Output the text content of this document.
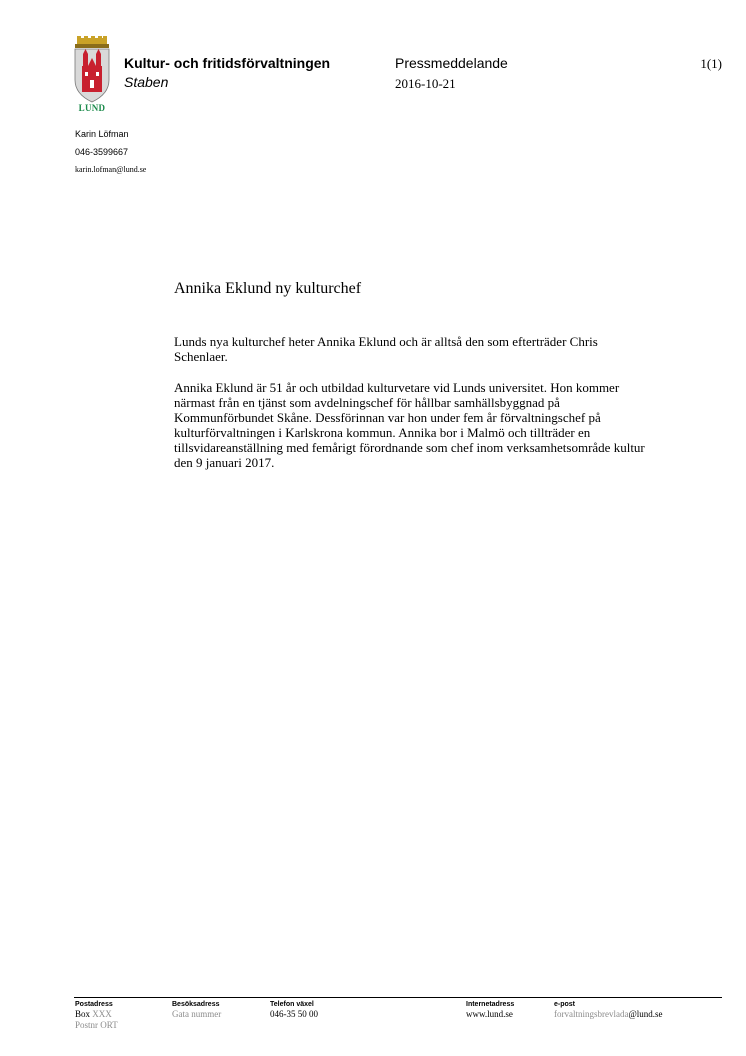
LUND
Kultur- och fritidsförvaltningen
Staben
Pressmeddelande
2016-10-21
1(1)
Karin Löfman
046-3599667
karin.lofman@lund.se
Annika Eklund ny kulturchef

Lunds nya kulturchef heter Annika Eklund och är alltså den som efterträder Chris Schenlaer.

Annika Eklund är 51 år och utbildad kulturvetare vid Lunds universitet. Hon kommer närmast från en tjänst som avdelningschef för hållbar samhällsbyggnad på Kommunförbundet Skåne. Dessförinnan var hon under fem år förvaltningschef på kulturförvaltningen i Karlskrona kommun. Annika bor i Malmö och tillträder en tillsvidareanställning med femårigt förordnande som chef inom verksamhetsområde kultur den 9 januari 2017.

Postadress
Box XXX
Postnr ORT
Besöksadress
Gata nummer
Telefon växel
046-35 50 00
Internetadress
www.lund.se
e-post
forvaltningsbrevlada@lund.se
